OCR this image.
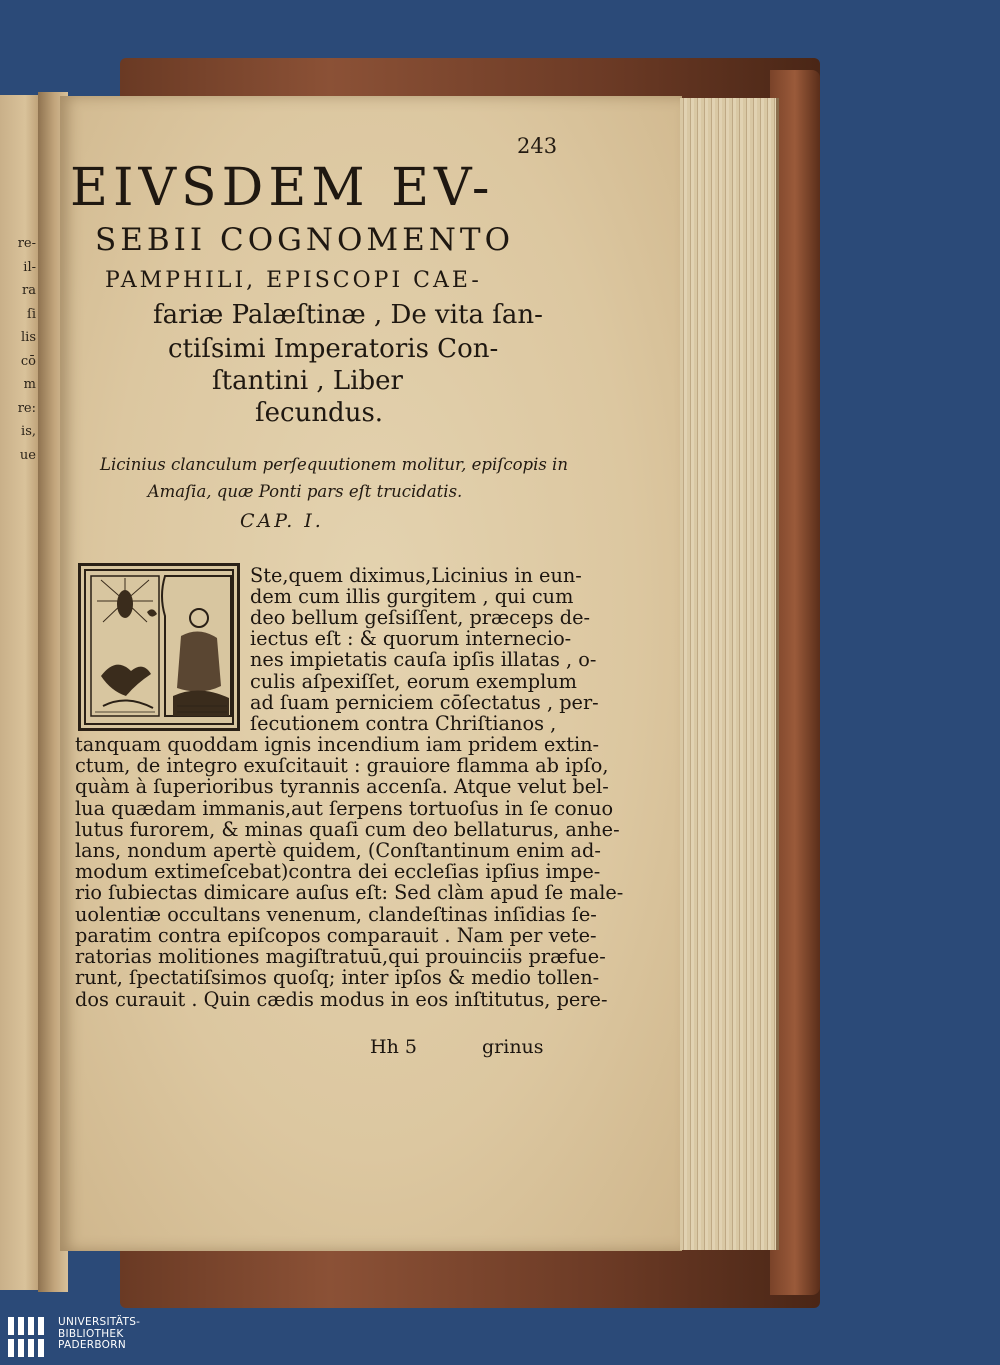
re-
il-
ra
ſi
lis
cō
m
re:
is,
ue
243
EIVSDEM EV-
SEBII COGNOMENTO
PAMPHILI, EPISCOPI CAE-
fariæ Palæſtinæ , De vita ſan-
ctiſsimi Imperatoris Con-
ſtantini , Liber
ſecundus.
Licinius clanculum perſequutionem molitur, epiſcopis in
Amaſia, quæ Ponti pars eſt trucidatis.
CAP. I.
Ste,quem diximus,Licinius in eun-
dem cum illis gurgitem , qui cum
deo bellum geſsiſſent, præceps de-
iectus eſt : & quorum internecio-
nes impietatis cauſa ipſis illatas , o-
culis aſpexiſſet, eorum exemplum
ad ſuam perniciem cōſectatus , per-
ſecutionem contra Chriſtianos ,
tanquam quoddam ignis incendium iam pridem extin-
ctum, de integro exuſcitauit : grauiore flamma ab ipſo,
quàm à ſuperioribus tyrannis accenſa. Atque velut bel-
lua quædam immanis,aut ſerpens tortuoſus in ſe conuo
lutus furorem, & minas quaſi cum deo bellaturus, anhe-
lans, nondum apertè quidem, (Conſtantinum enim ad-
modum extimeſcebat)contra dei eccleſias ipſius impe-
rio ſubiectas dimicare auſus eſt: Sed clàm apud ſe male-
uolentiæ occultans venenum, clandeſtinas inſidias ſe-
paratim contra epiſcopos comparauit . Nam per vete-
ratorias molitiones magiſtratuū,qui prouinciis præfue-
runt, ſpectatiſsimos quoſq; inter ipſos & medio tollen-
dos curauit . Quin cædis modus in eos inſtitutus, pere-
Hh 5	grinus
UNIVERSITÄTS-
BIBLIOTHEK
PADERBORN
